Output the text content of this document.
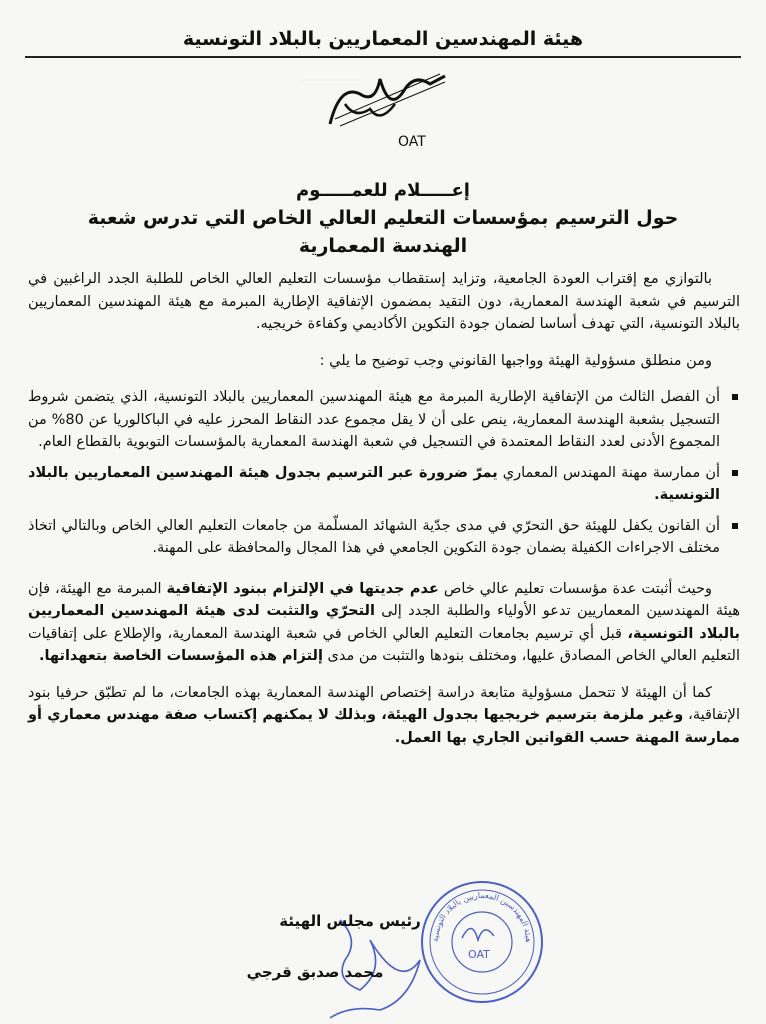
هيئة المهندسين المعماريين بالبلاد التونسية
……………
OAT
إعـــــلام للعمـــــوم
حول الترسيم بمؤسسات التعليم العالي الخاص التي تدرس شعبة
الهندسة المعمارية

بالتوازي مع إقتراب العودة الجامعية، وتزايد إستقطاب مؤسسات التعليم العالي الخاص للطلبة الجدد الراغبين في الترسيم في شعبة الهندسة المعمارية، دون التقيد بمضمون الإتفاقية الإطارية المبرمة مع هيئة المهندسين المعماريين بالبلاد التونسية، التي تهدف أساسا لضمان جودة التكوين الأكاديمي وكفاءة خريجيه.

ومن منطلق مسؤولية الهيئة وواجبها القانوني وجب توضيح ما يلي :

أن الفصل الثالث من الإتفاقية الإطارية المبرمة مع هيئة المهندسين المعماريين بالبلاد التونسية، الذي يتضمن شروط التسجيل بشعبة الهندسة المعمارية، ينص على أن لا يقل مجموع عدد النقاط المحرز عليه في الباكالوريا عن 80% من المجموع الأدنى لعدد النقاط المعتمدة في التسجيل في شعبة الهندسة المعمارية بالمؤسسات التوبوية بالقطاع العام.
أن ممارسة مهنة المهندس المعماري يمرّ ضرورة عبر الترسيم بجدول هيئة المهندسين المعماريين بالبلاد التونسية.
أن القانون يكفل للهيئة حق التحرّي في مدى جدّية الشهائد المسلّمة من جامعات التعليم العالي الخاص وبالتالي اتخاذ مختلف الاجراءات الكفيلة بضمان جودة التكوين الجامعي في هذا المجال والمحافظة على المهنة.

وحيث أثبتت عدة مؤسسات تعليم عالي خاص عدم جديتها في الإلتزام ببنود الإتفاقية المبرمة مع الهيئة، فإن هيئة المهندسين المعماريين تدعو الأولياء والطلبة الجدد إلى التحرّي والتثبت لدى هيئة المهندسين المعماريين بالبلاد التونسية، قبل أي ترسيم بجامعات التعليم العالي الخاص في شعبة الهندسة المعمارية، والإطلاع على إتفاقيات التعليم العالي الخاص المصادق عليها، ومختلف بنودها والتثبت من مدى إلتزام هذه المؤسسات الخاصة بتعهداتها.

كما أن الهيئة لا تتحمل مسؤولية متابعة دراسة إختصاص الهندسة المعمارية بهذه الجامعات، ما لم تطبّق حرفيا بنود الإتفاقية، وغير ملزمة بترسيم خريجيها بجدول الهيئة، وبذلك لا يمكنهم إكتساب صفة مهندس معماري أو ممارسة المهنة حسب القوانين الجاري بها العمل.

رئيس مجلس الهيئة
محمد صدبق قرجي
هيئة المهندسين المعماريين بالبلاد التونسية
OAT
